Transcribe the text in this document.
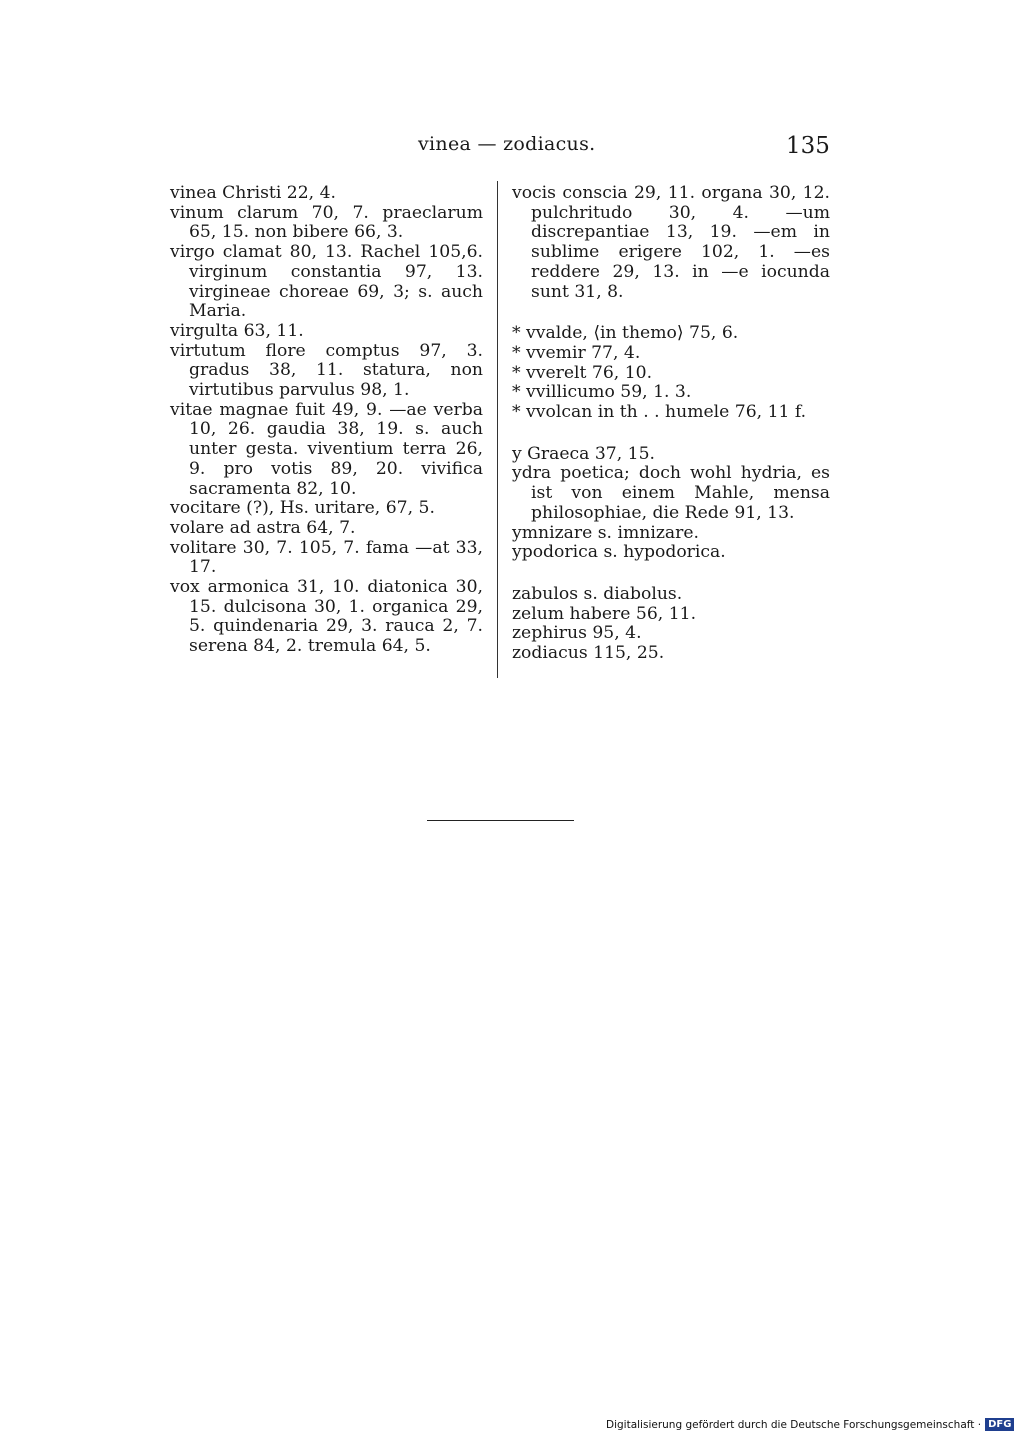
vinea — zodiacus.	135
vinea Christi 22, 4.
vinum clarum 70, 7. praeclarum 65, 15. non bibere 66, 3.
virgo clamat 80, 13. Rachel 105,6. virginum constantia 97, 13. virgineae choreae 69, 3; s. auch Maria.
virgulta 63, 11.
virtutum flore comptus 97, 3. gradus 38, 11. statura, non virtutibus parvulus 98, 1.
vitae magnae fuit 49, 9. —ae verba 10, 26. gaudia 38, 19. s. auch unter gesta. viventium terra 26, 9. pro votis 89, 20. vivifica sacramenta 82, 10.
vocitare (?), Hs. uritare, 67, 5.
volare ad astra 64, 7.
volitare 30, 7. 105, 7. fama —at 33, 17.
vox armonica 31, 10. diatonica 30, 15. dulcisona 30, 1. organica 29, 5. quindenaria 29, 3. rauca 2, 7. serena 84, 2. tremula 64, 5.
vocis conscia 29, 11. organa 30, 12. pulchritudo 30, 4. —um discrepantiae 13, 19. —em in sublime erigere 102, 1. —es reddere 29, 13. in —e iocunda sunt 31, 8.
* vvalde, ⟨in themo⟩ 75, 6.
* vvemir 77, 4.
* vverelt 76, 10.
* vvillicumo 59, 1. 3.
* vvolcan in th . . humele 76, 11 f.
y Graeca 37, 15.
ydra poetica; doch wohl hydria, es ist von einem Mahle, mensa philosophiae, die Rede 91, 13.
ymnizare s. imnizare.
ypodorica s. hypodorica.
zabulos s. diabolus.
zelum habere 56, 11.
zephirus 95, 4.
zodiacus 115, 25.
Digitalisierung gefördert durch die Deutsche Forschungsgemeinschaft · DFG
